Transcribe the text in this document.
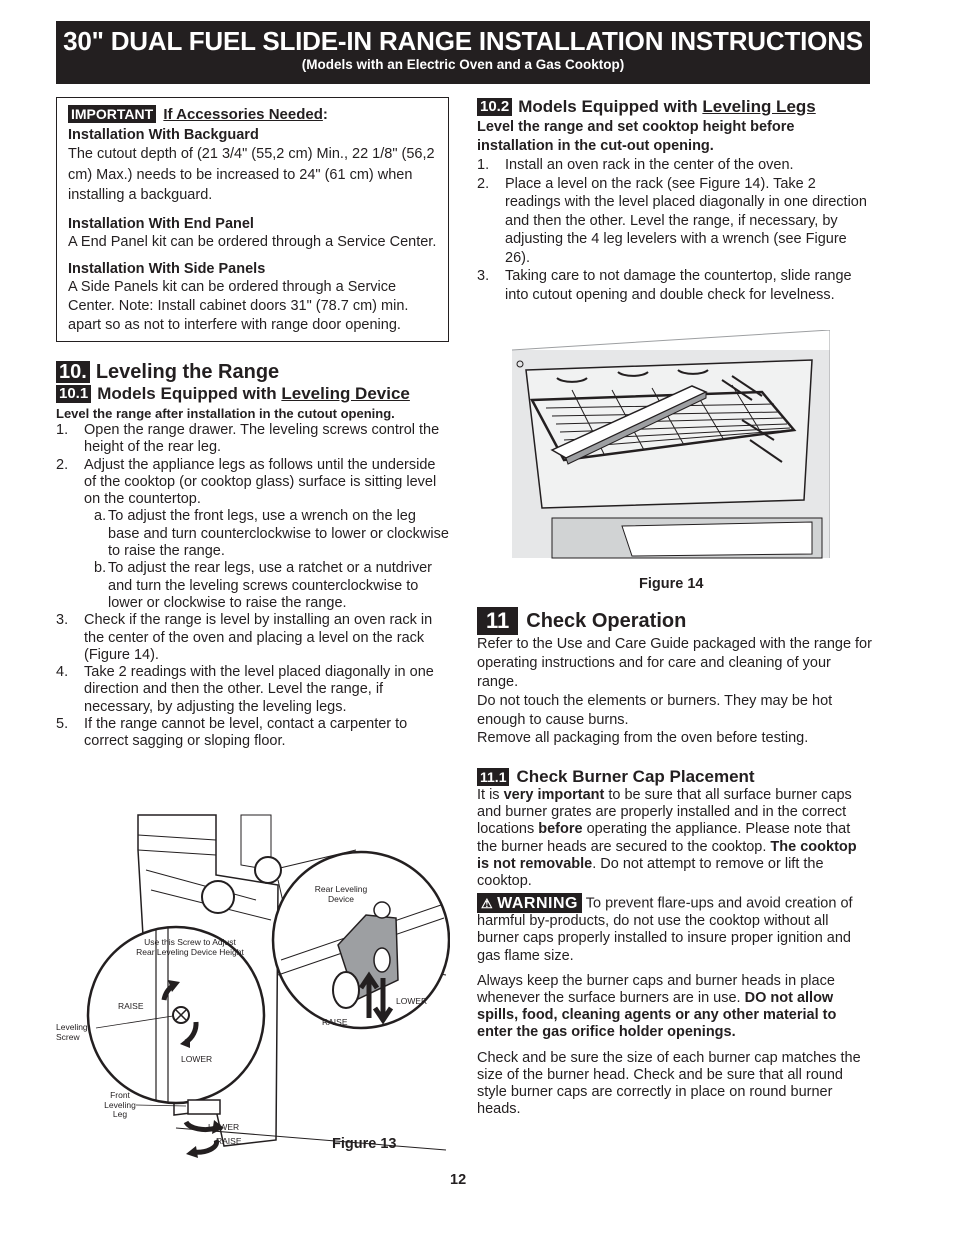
30" DUAL FUEL SLIDE-IN RANGE INSTALLATION INSTRUCTIONS
(Models with an Electric Oven and a Gas Cooktop)
IMPORTANT If Accessories Needed:
Installation With Backguard

The cutout depth of (21 3/4" (55,2 cm) Min., 22 1/8" (56,2 cm) Max.) needs to be increased to 24" (61 cm) when installing a backguard.

Installation With End Panel

A End Panel kit can be ordered through a Service Center.

Installation With Side Panels

A Side Panels kit can be ordered through a Service Center. Note: Install cabinet doors 31" (78.7 cm) min. apart so as not to interfere with range door opening.

10. Leveling the Range
10.1 Models Equipped with Leveling Device
Level the range after installation in the cutout opening.
1.	Open the range drawer. The leveling screws control the height of the rear leg.
2.	Adjust the appliance legs as follows until the underside of the cooktop (or cooktop glass) surface is sitting level on the countertop.
a. To adjust the front legs, use a wrench on the leg base and turn counterclockwise to lower or clockwise to raise the range.
b. To adjust the rear legs, use a ratchet or a nutdriver and turn the leveling screws counterclockwise to lower or clockwise to raise the range.
3.	Check if the range is level by installing an oven rack in the center of the oven and placing a level on the rack (Figure 14).
4.	Take 2 readings with the level placed diagonally in one direction and then the other. Level the range, if necessary, by adjusting the leveling legs.
5.	If the range cannot be level, contact a carpenter to correct sagging or sloping floor.
Rear Leveling Device
Use this Screw to Adjust Rear Leveling Device Height
RAISE
LOWER
Leveling Screw
Front Leveling Leg
LOWER
RAISE
RAISE
LOWER
Figure 13
10.2 Models Equipped with Leveling Legs
Level the range and set cooktop height before installation in the cut-out opening.
1.	Install an oven rack in the center of the oven.
2.	Place a level on the rack (see Figure 14). Take 2 readings with the level placed diagonally in one direction and then the other. Level the range, if necessary, by adjusting the 4 leg levelers with a wrench (see Figure 26).
3.	Taking care to not damage the countertop, slide range into cutout opening and double check for levelness.
Figure 14
11 Check Operation

Refer to the Use and Care Guide packaged with the range for operating instructions and for care and cleaning of your range.

Do not touch the elements or burners. They may be hot enough to cause burns.

Remove all packaging from the oven before testing.

11.1 Check Burner Cap Placement

It is very important to be sure that all surface burner caps and burner grates are properly installed and in the correct locations before operating the appliance. Please note that the burner heads are secured to the cooktop. The cooktop is not removable. Do not attempt to remove or lift the cooktop.

⚠ WARNING To prevent flare-ups and avoid creation of harmful by-products, do not use the cooktop without all burner caps properly installed to insure proper ignition and gas flame size.

Always keep the burner caps and burner heads in place whenever the surface burners are in use. DO not allow spills, food, cleaning agents or any other material to enter the gas orifice holder openings.

Check and be sure the size of each burner cap matches the size of the burner head. Check and be sure that all round style burner caps are correctly in place on round burner heads.

12
